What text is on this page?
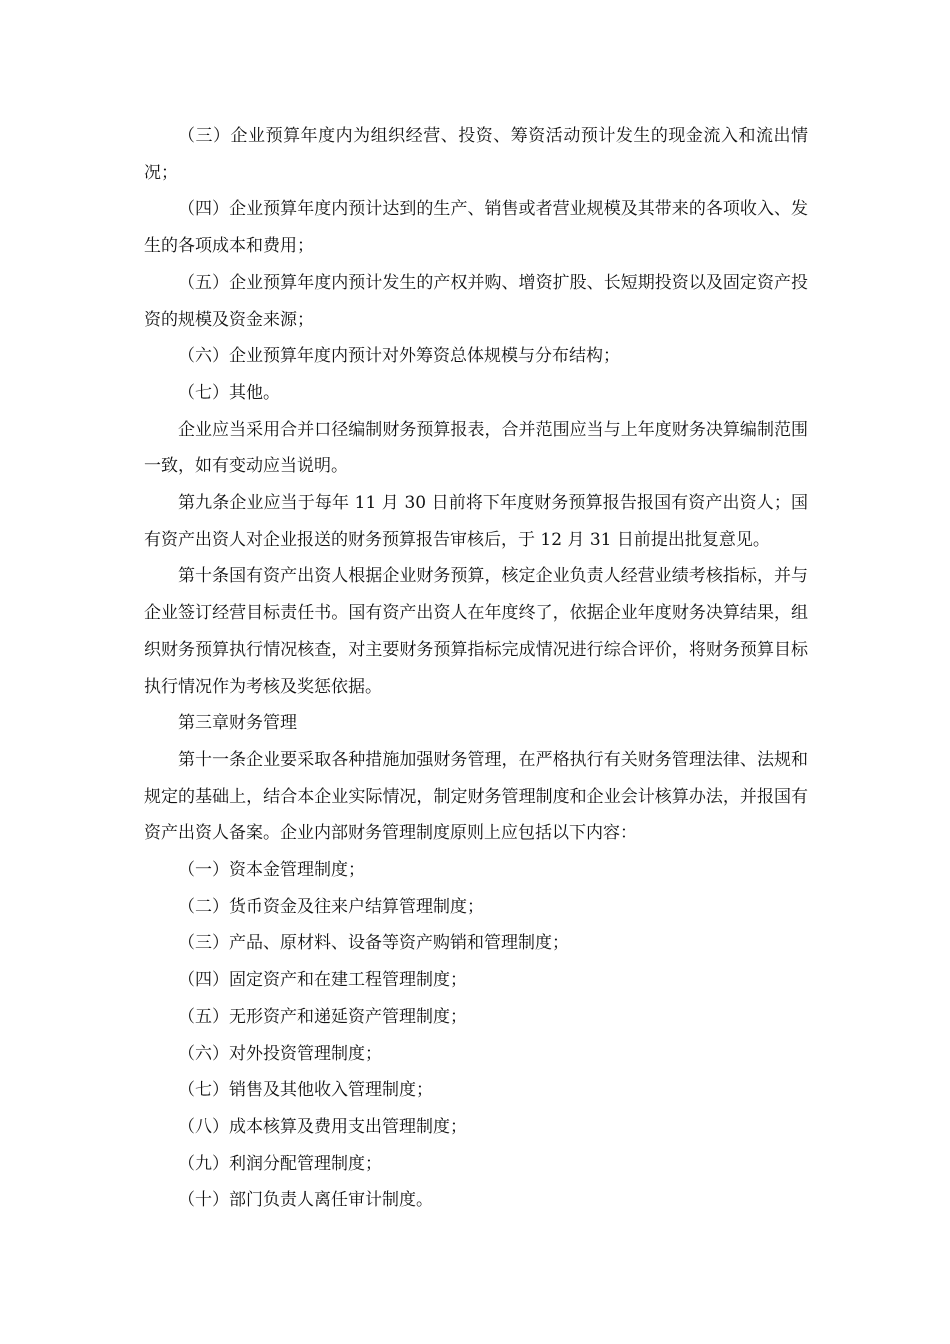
（三）企业预算年度内为组织经营、投资、筹资活动预计发生的现金流入和流出情况；

（四）企业预算年度内预计达到的生产、销售或者营业规模及其带来的各项收入、发生的各项成本和费用；

（五）企业预算年度内预计发生的产权并购、增资扩股、长短期投资以及固定资产投资的规模及资金来源；

（六）企业预算年度内预计对外筹资总体规模与分布结构；

（七）其他。

企业应当采用合并口径编制财务预算报表，合并范围应当与上年度财务决算编制范围一致，如有变动应当说明。

第九条企业应当于每年 11 月 30 日前将下年度财务预算报告报国有资产出资人；国有资产出资人对企业报送的财务预算报告审核后，于 12 月 31 日前提出批复意见。

第十条国有资产出资人根据企业财务预算，核定企业负责人经营业绩考核指标，并与企业签订经营目标责任书。国有资产出资人在年度终了，依据企业年度财务决算结果，组织财务预算执行情况核查，对主要财务预算指标完成情况进行综合评价，将财务预算目标执行情况作为考核及奖惩依据。

第三章财务管理

第十一条企业要采取各种措施加强财务管理，在严格执行有关财务管理法律、法规和规定的基础上，结合本企业实际情况，制定财务管理制度和企业会计核算办法，并报国有资产出资人备案。企业内部财务管理制度原则上应包括以下内容：

（一）资本金管理制度；

（二）货币资金及往来户结算管理制度；

（三）产品、原材料、设备等资产购销和管理制度；

（四）固定资产和在建工程管理制度；

（五）无形资产和递延资产管理制度；

（六）对外投资管理制度；

（七）销售及其他收入管理制度；

（八）成本核算及费用支出管理制度；

（九）利润分配管理制度；

（十）部门负责人离任审计制度。
